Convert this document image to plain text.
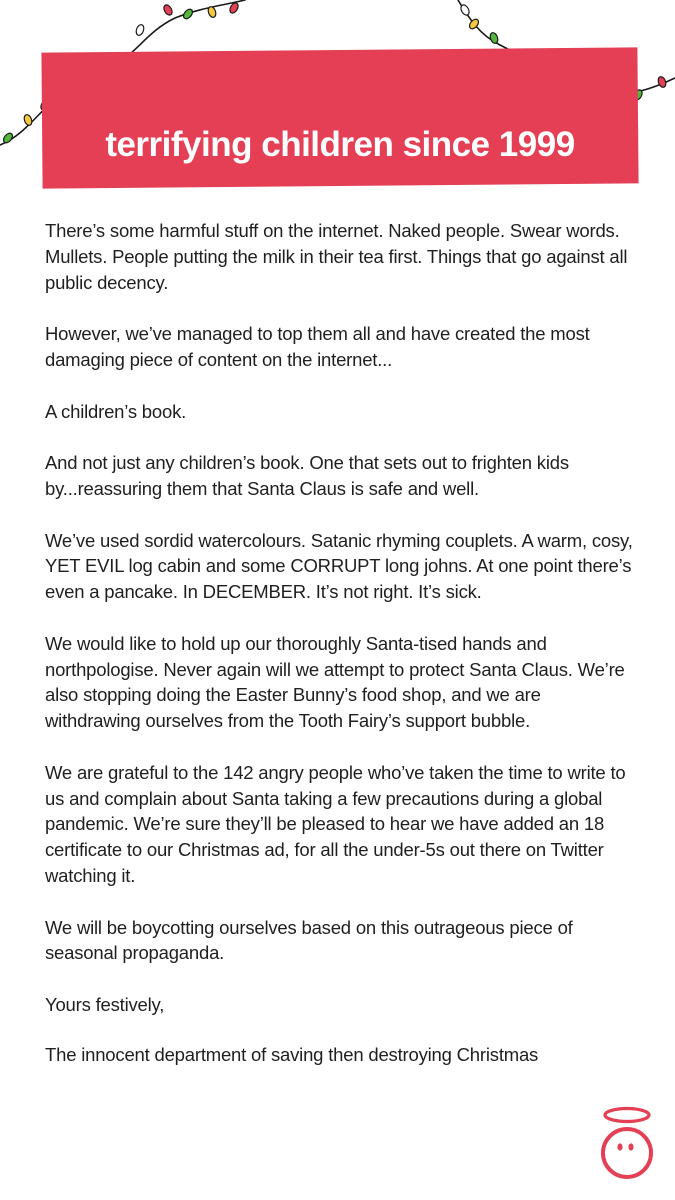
terrifying children since 1999

There’s some harmful stuff on the internet. Naked people. Swear words. Mullets. People putting the milk in their tea first. Things that go against all public decency.

However, we’ve managed to top them all and have created the most damaging piece of content on the internet...

A children’s book.

And not just any children’s book. One that sets out to frighten kids by...reassuring them that Santa Claus is safe and well.

We’ve used sordid watercolours. Satanic rhyming couplets. A warm, cosy, YET EVIL log cabin and some CORRUPT long johns. At one point there’s even a pancake. In DECEMBER. It’s not right. It’s sick.

We would like to hold up our thoroughly Santa-tised hands and northpologise. Never again will we attempt to protect Santa Claus. We’re also stopping doing the Easter Bunny’s food shop, and we are withdrawing ourselves from the Tooth Fairy’s support bubble.

We are grateful to the 142 angry people who’ve taken the time to write to us and complain about Santa taking a few precautions during a global pandemic. We’re sure they’ll be pleased to hear we have added an 18 certificate to our Christmas ad, for all the under-5s out there on Twitter watching it.

We will be boycotting ourselves based on this outrageous piece of seasonal propaganda.

Yours festively,

The innocent department of saving then destroying Christmas
